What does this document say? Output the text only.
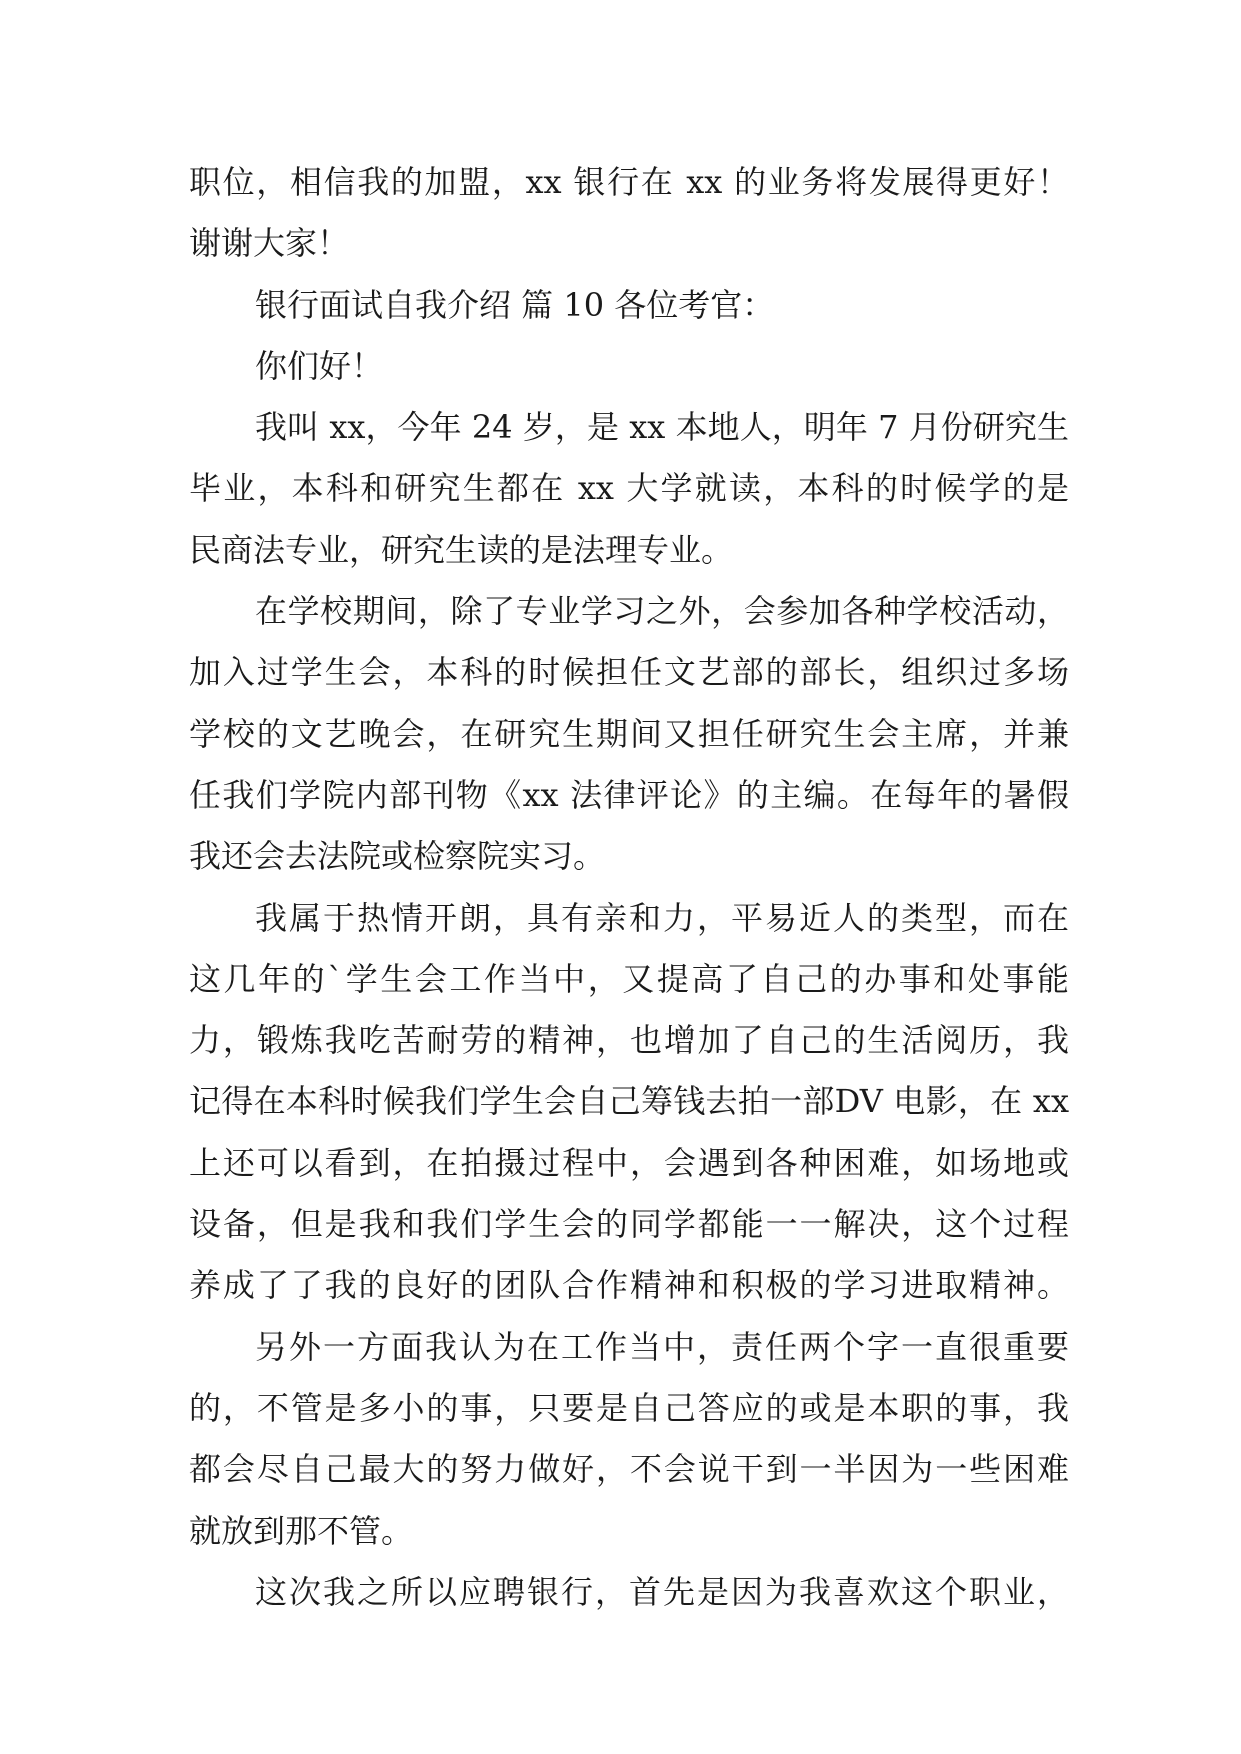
职位，相信我的加盟，xx 银行在 xx 的业务将发展得更好！
谢谢大家！
银行面试自我介绍 篇 10 各位考官：
你们好！
我叫 xx，今年 24 岁，是 xx 本地人，明年 7 月份研究生
毕业，本科和研究生都在 xx 大学就读，本科的时候学的是
民商法专业，研究生读的是法理专业。
在学校期间，除了专业学习之外，会参加各种学校活动，
加入过学生会，本科的时候担任文艺部的部长，组织过多场
学校的文艺晚会，在研究生期间又担任研究生会主席，并兼
任我们学院内部刊物《xx 法律评论》的主编。在每年的暑假
我还会去法院或检察院实习。
我属于热情开朗，具有亲和力，平易近人的类型，而在
这几年的`学生会工作当中，又提高了自己的办事和处事能
力，锻炼我吃苦耐劳的精神，也增加了自己的生活阅历，我
记得在本科时候我们学生会自己筹钱去拍一部DV 电影，在 xx
上还可以看到，在拍摄过程中，会遇到各种困难，如场地或
设备，但是我和我们学生会的同学都能一一解决，这个过程
养成了了我的良好的团队合作精神和积极的学习进取精神。
另外一方面我认为在工作当中，责任两个字一直很重要
的，不管是多小的事，只要是自己答应的或是本职的事，我
都会尽自己最大的努力做好，不会说干到一半因为一些困难
就放到那不管。
这次我之所以应聘银行，首先是因为我喜欢这个职业，
